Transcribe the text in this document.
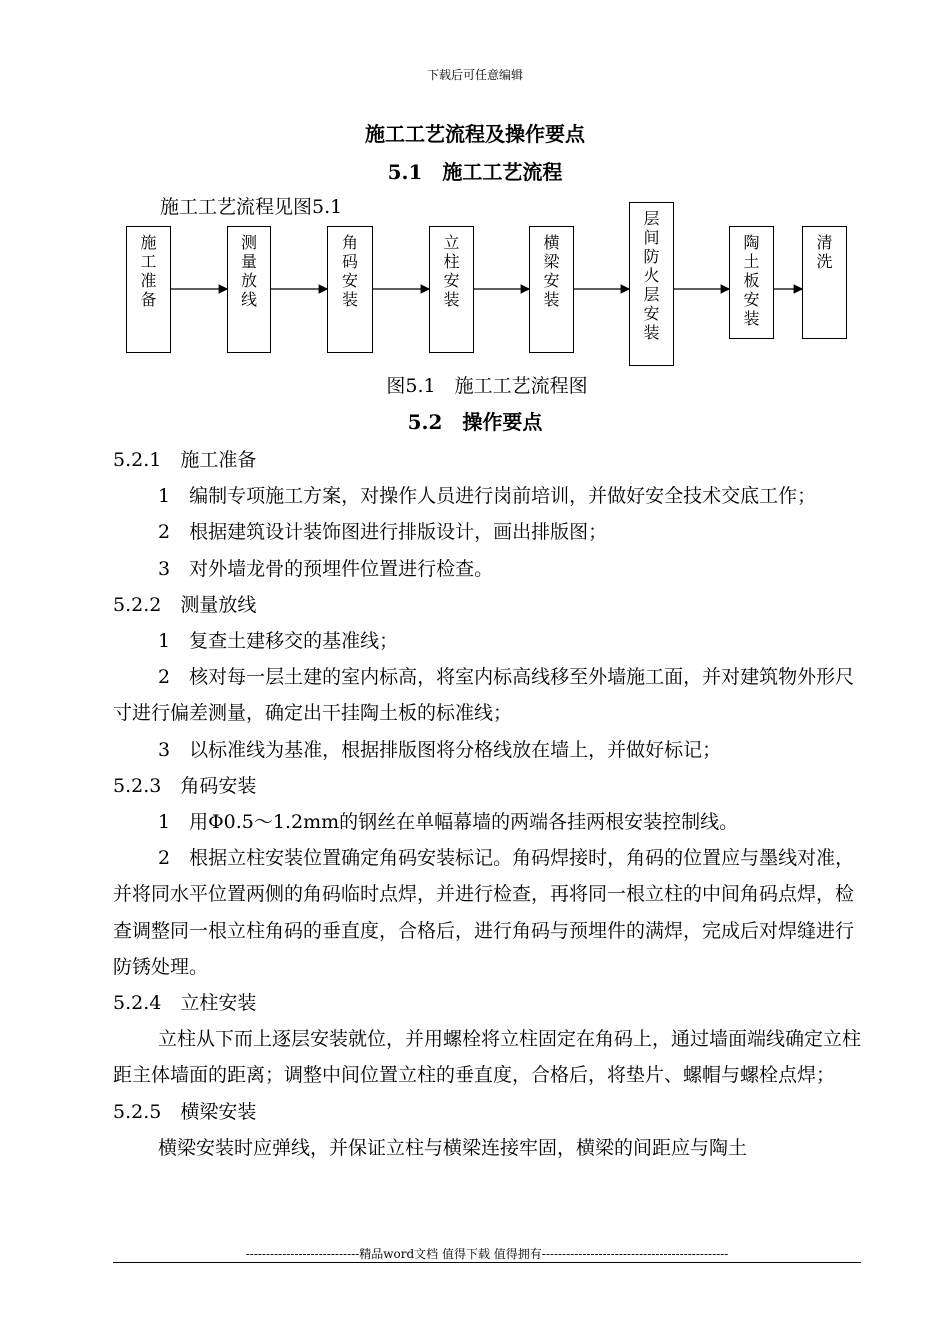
下载后可任意编辑
施工工艺流程及操作要点
5.1　施工工艺流程
施工工艺流程见图5.1
施工准备
测量放线
角码安装
立柱安装
横梁安装
层间防火层安装
陶土板安装
清洗
图5.1　施工工艺流程图
5.2　操作要点

5.2.1　施工准备

1　编制专项施工方案，对操作人员进行岗前培训，并做好安全技术交底工作；

2　根据建筑设计装饰图进行排版设计，画出排版图；

3　对外墙龙骨的预埋件位置进行检查。

5.2.2　测量放线

1　复查土建移交的基准线；

2　核对每一层土建的室内标高，将室内标高线移至外墙施工面，并对建筑物外形尺寸进行偏差测量，确定出干挂陶土板的标准线；

3　以标准线为基准，根据排版图将分格线放在墙上，并做好标记；

5.2.3　角码安装

1　用Φ0.5～1.2mm的钢丝在单幅幕墙的两端各挂两根安装控制线。

2　根据立柱安装位置确定角码安装标记。角码焊接时，角码的位置应与墨线对准，并将同水平位置两侧的角码临时点焊，并进行检查，再将同一根立柱的中间角码点焊，检查调整同一根立柱角码的垂直度，合格后，进行角码与预埋件的满焊，完成后对焊缝进行防锈处理。

5.2.4　立柱安装

立柱从下而上逐层安装就位，并用螺栓将立柱固定在角码上，通过墙面端线确定立柱距主体墙面的距离；调整中间位置立柱的垂直度，合格后，将垫片、螺帽与螺栓点焊；

5.2.5　横梁安装

横梁安装时应弹线，并保证立柱与横梁连接牢固，横梁的间距应与陶土

----------------------------精品word文档 值得下载 值得拥有----------------------------------------------
